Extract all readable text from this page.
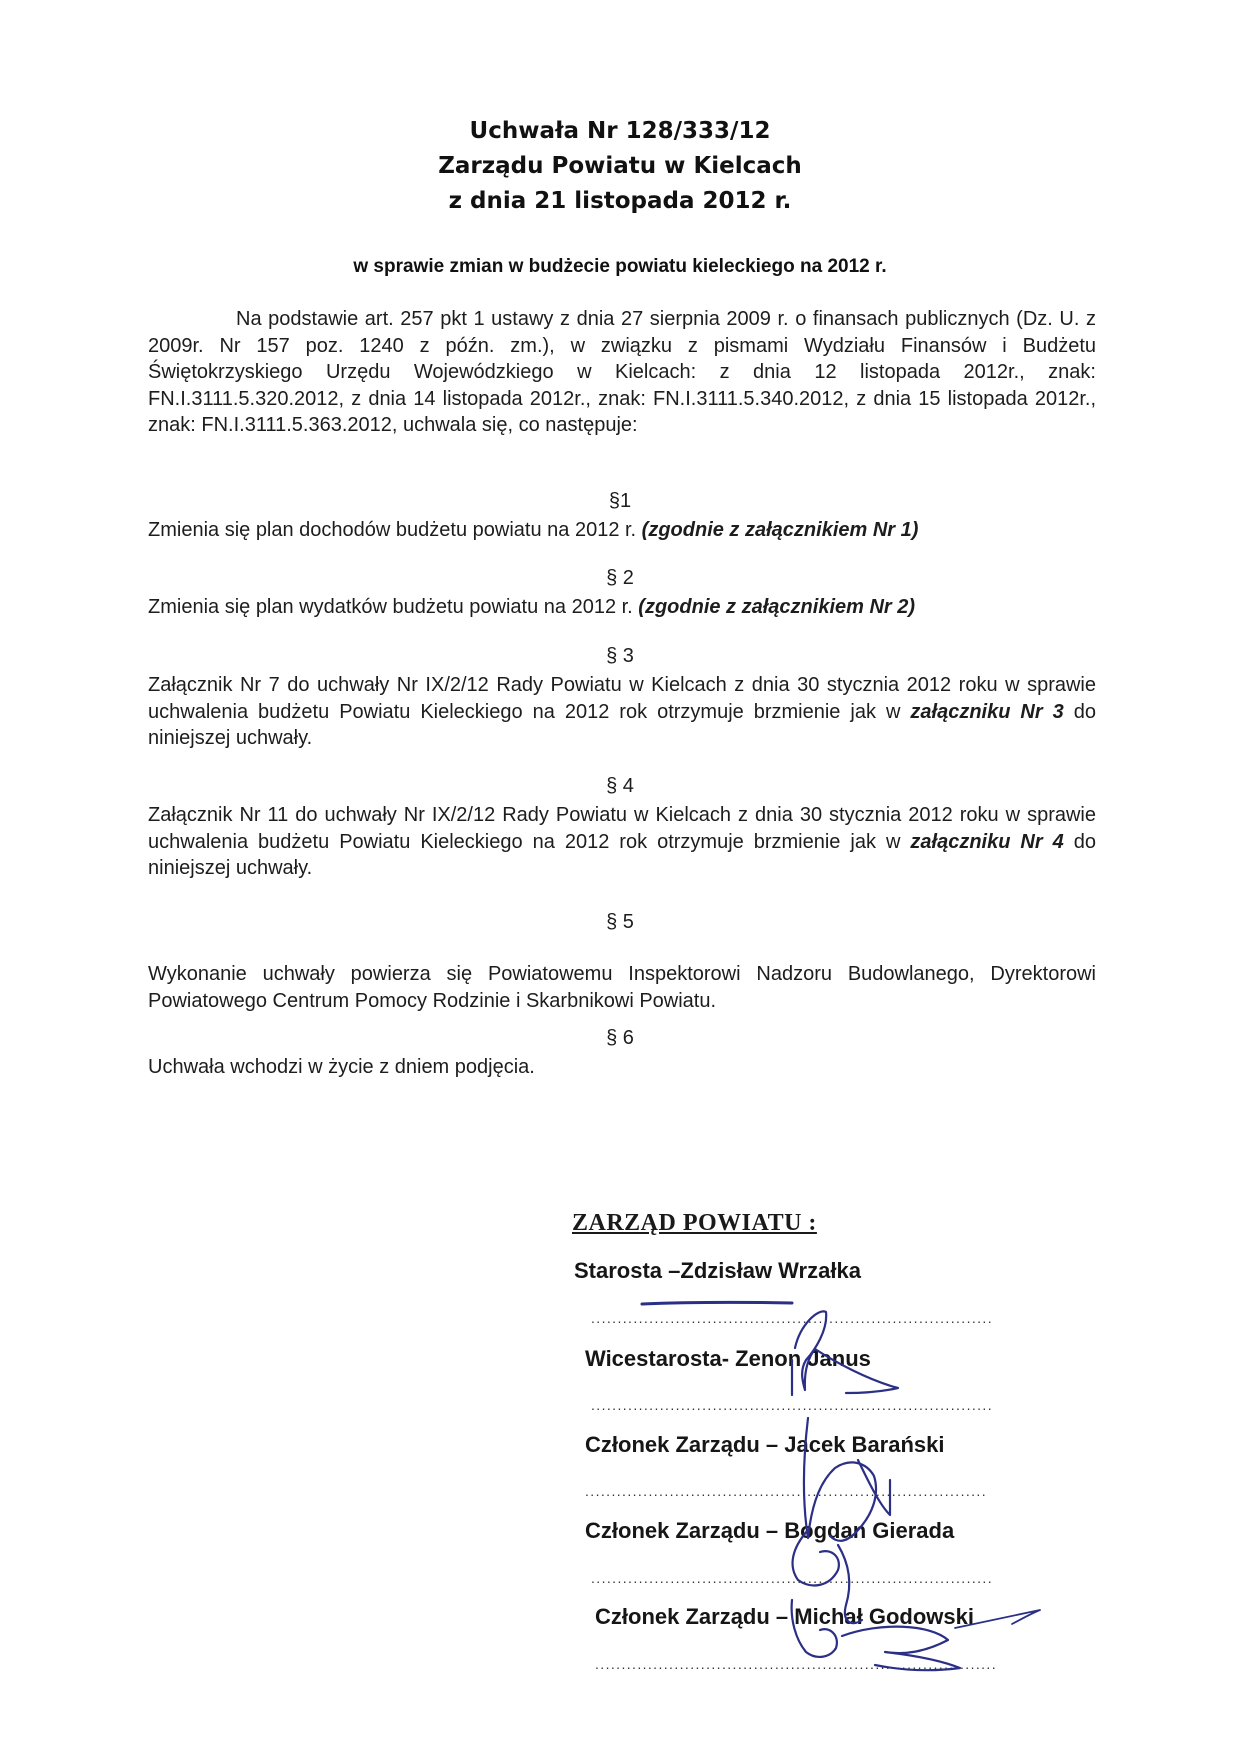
Uchwała Nr 128/333/12
Zarządu Powiatu w Kielcach
z dnia 21 listopada 2012 r.
w sprawie zmian w budżecie powiatu kieleckiego na 2012 r.
Na podstawie art. 257 pkt 1 ustawy z dnia 27 sierpnia 2009 r. o finansach publicznych (Dz. U. z 2009r. Nr 157 poz. 1240 z późn. zm.), w związku z pismami Wydziału Finansów i Budżetu Świętokrzyskiego Urzędu Wojewódzkiego w Kielcach: z dnia 12 listopada 2012r., znak: FN.I.3111.5.320.2012, z dnia 14 listopada 2012r., znak: FN.I.3111.5.340.2012, z dnia 15 listopada 2012r., znak: FN.I.3111.5.363.2012, uchwala się, co następuje:
§1
Zmienia się plan dochodów budżetu powiatu na 2012 r. (zgodnie z załącznikiem Nr 1)
§ 2
Zmienia się plan wydatków budżetu powiatu na 2012 r. (zgodnie z załącznikiem Nr 2)
§ 3
Załącznik Nr 7 do uchwały Nr IX/2/12 Rady Powiatu w Kielcach z dnia 30 stycznia 2012 roku w sprawie uchwalenia budżetu Powiatu Kieleckiego na 2012 rok otrzymuje brzmienie jak w załączniku Nr 3 do niniejszej uchwały.
§ 4
Załącznik Nr 11 do uchwały Nr IX/2/12 Rady Powiatu w Kielcach z dnia 30 stycznia 2012 roku w sprawie uchwalenia budżetu Powiatu Kieleckiego na 2012 rok otrzymuje brzmienie jak w załączniku Nr 4 do niniejszej uchwały.
§ 5
Wykonanie uchwały powierza się Powiatowemu Inspektorowi Nadzoru Budowlanego, Dyrektorowi Powiatowego Centrum Pomocy Rodzinie i Skarbnikowi Powiatu.
§ 6
Uchwała wchodzi w życie z dniem podjęcia.
ZARZĄD POWIATU :
Starosta –Zdzisław Wrzałka
............................................................................
Wicestarosta- Zenon Janus
............................................................................
Członek Zarządu – Jacek Barański
............................................................................
Członek Zarządu – Bogdan Gierada
............................................................................
Członek Zarządu – Michał Godowski
............................................................................
